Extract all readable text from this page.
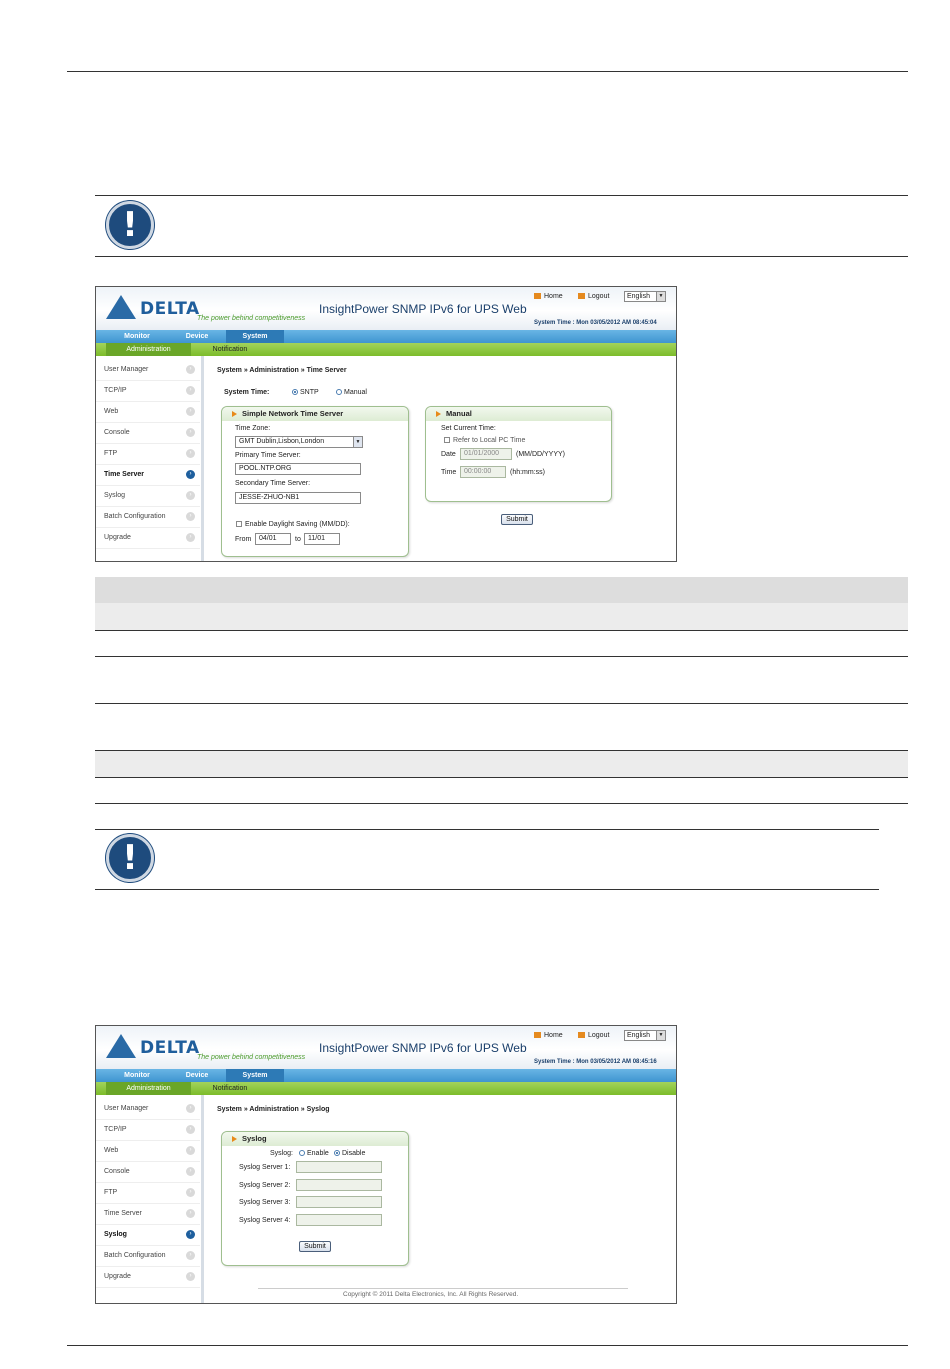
!
DELTA
The power behind competitiveness
InsightPower SNMP IPv6 for UPS Web
Home	Logout	English	▼
System Time : Mon 03/05/2012 AM 08:45:04
Monitor	Device	System
Administration	Notification
User Manager	›
TCP/IP	›
Web	›
Console	›
FTP	›
Time Server	›
Syslog	›
Batch Configuration	›
Upgrade	›
System » Administration » Time Server
System Time:	SNTP	Manual
Simple Network Time Server
Time Zone:
GMT Dublin,Lisbon,London	▼
Primary Time Server:
POOL.NTP.ORG
Secondary Time Server:
JESSE-ZHUO-NB1
Enable Daylight Saving (MM/DD):
From	04/01	to	11/01
Manual
Set Current Time:
Refer to Local PC Time
Date	01/01/2000	(MM/DD/YYYY)
Time	00:00:00	(hh:mm:ss)
Submit
!
DELTA
The power behind competitiveness
InsightPower SNMP IPv6 for UPS Web
Home	Logout	English	▼
System Time : Mon 03/05/2012 AM 08:45:16
Monitor	Device	System
Administration	Notification
User Manager	›
TCP/IP	›
Web	›
Console	›
FTP	›
Time Server	›
Syslog	›
Batch Configuration	›
Upgrade	›
System » Administration » Syslog
Syslog
Syslog:	Enable	Disable
Syslog Server 1:
Syslog Server 2:
Syslog Server 3:
Syslog Server 4:
Submit
Copyright © 2011 Delta Electronics, Inc. All Rights Reserved.
